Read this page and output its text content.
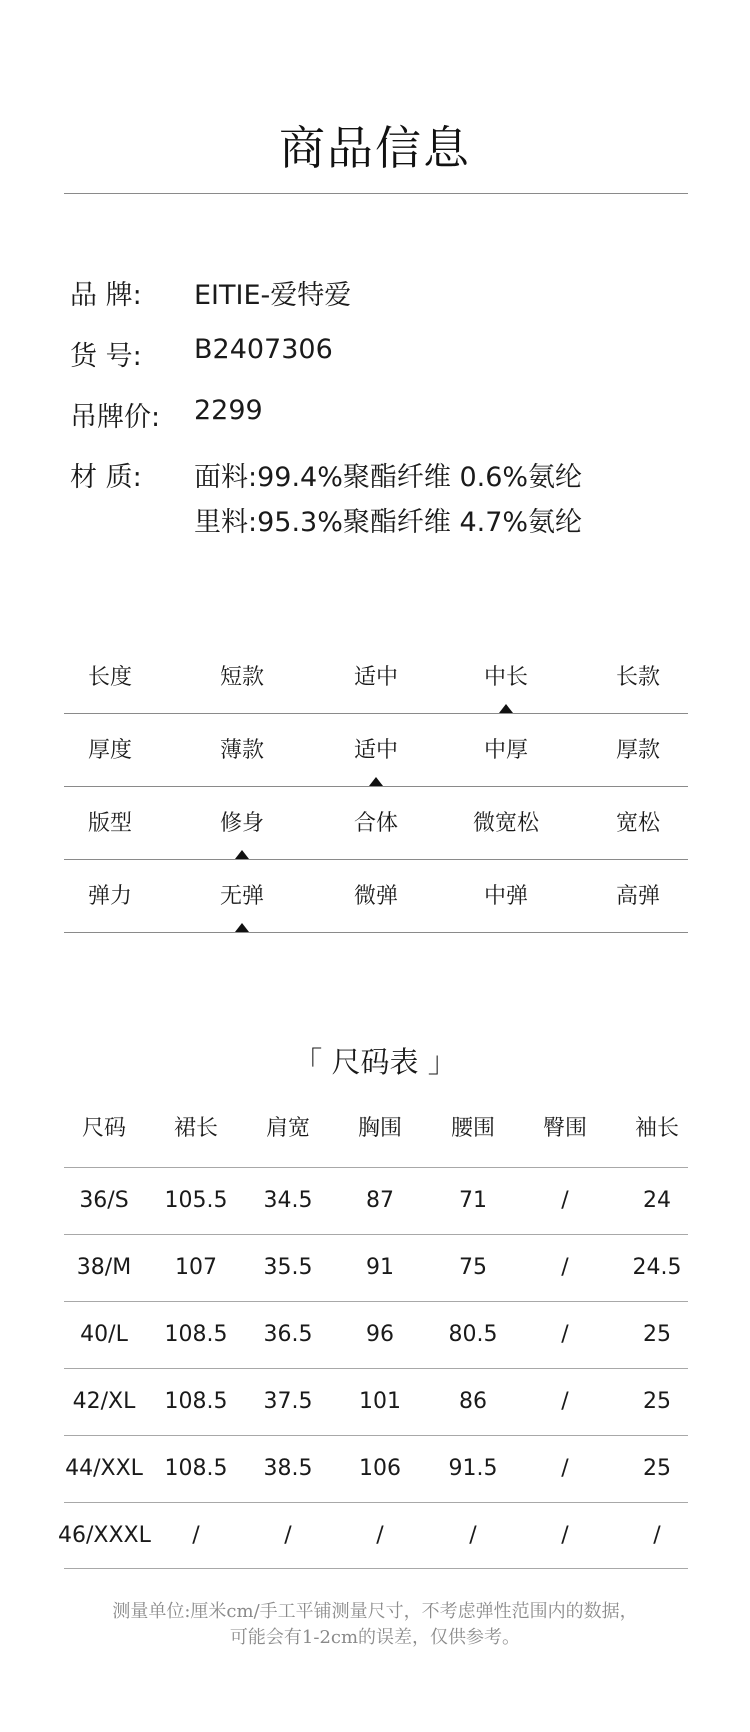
商品信息
品 牌: EITIE-爱特爱
货 号: B2407306
吊牌价: 2299
材 质: 面料:99.4%聚酯纤维 0.6%氨纶
里料:95.3%聚酯纤维 4.7%氨纶
长度	短款	适中	中长	长款
厚度	薄款	适中	中厚	厚款
版型	修身	合体	微宽松	宽松
弹力	无弹	微弹	中弹	高弹
「 尺码表 」
尺码	裙长	肩宽	胸围	腰围	臀围	袖长
36/S	105.5	34.5	87	71	/	24
38/M	107	35.5	91	75	/	24.5
40/L	108.5	36.5	96	80.5	/	25
42/XL	108.5	37.5	101	86	/	25
44/XXL 108.5	38.5	106	91.5	/	25
46/XXXL	/	/	/	/	/	/
测量单位:厘米cm/手工平铺测量尺寸，不考虑弹性范围内的数据，
可能会有1-2cm的误差，仅供参考。
